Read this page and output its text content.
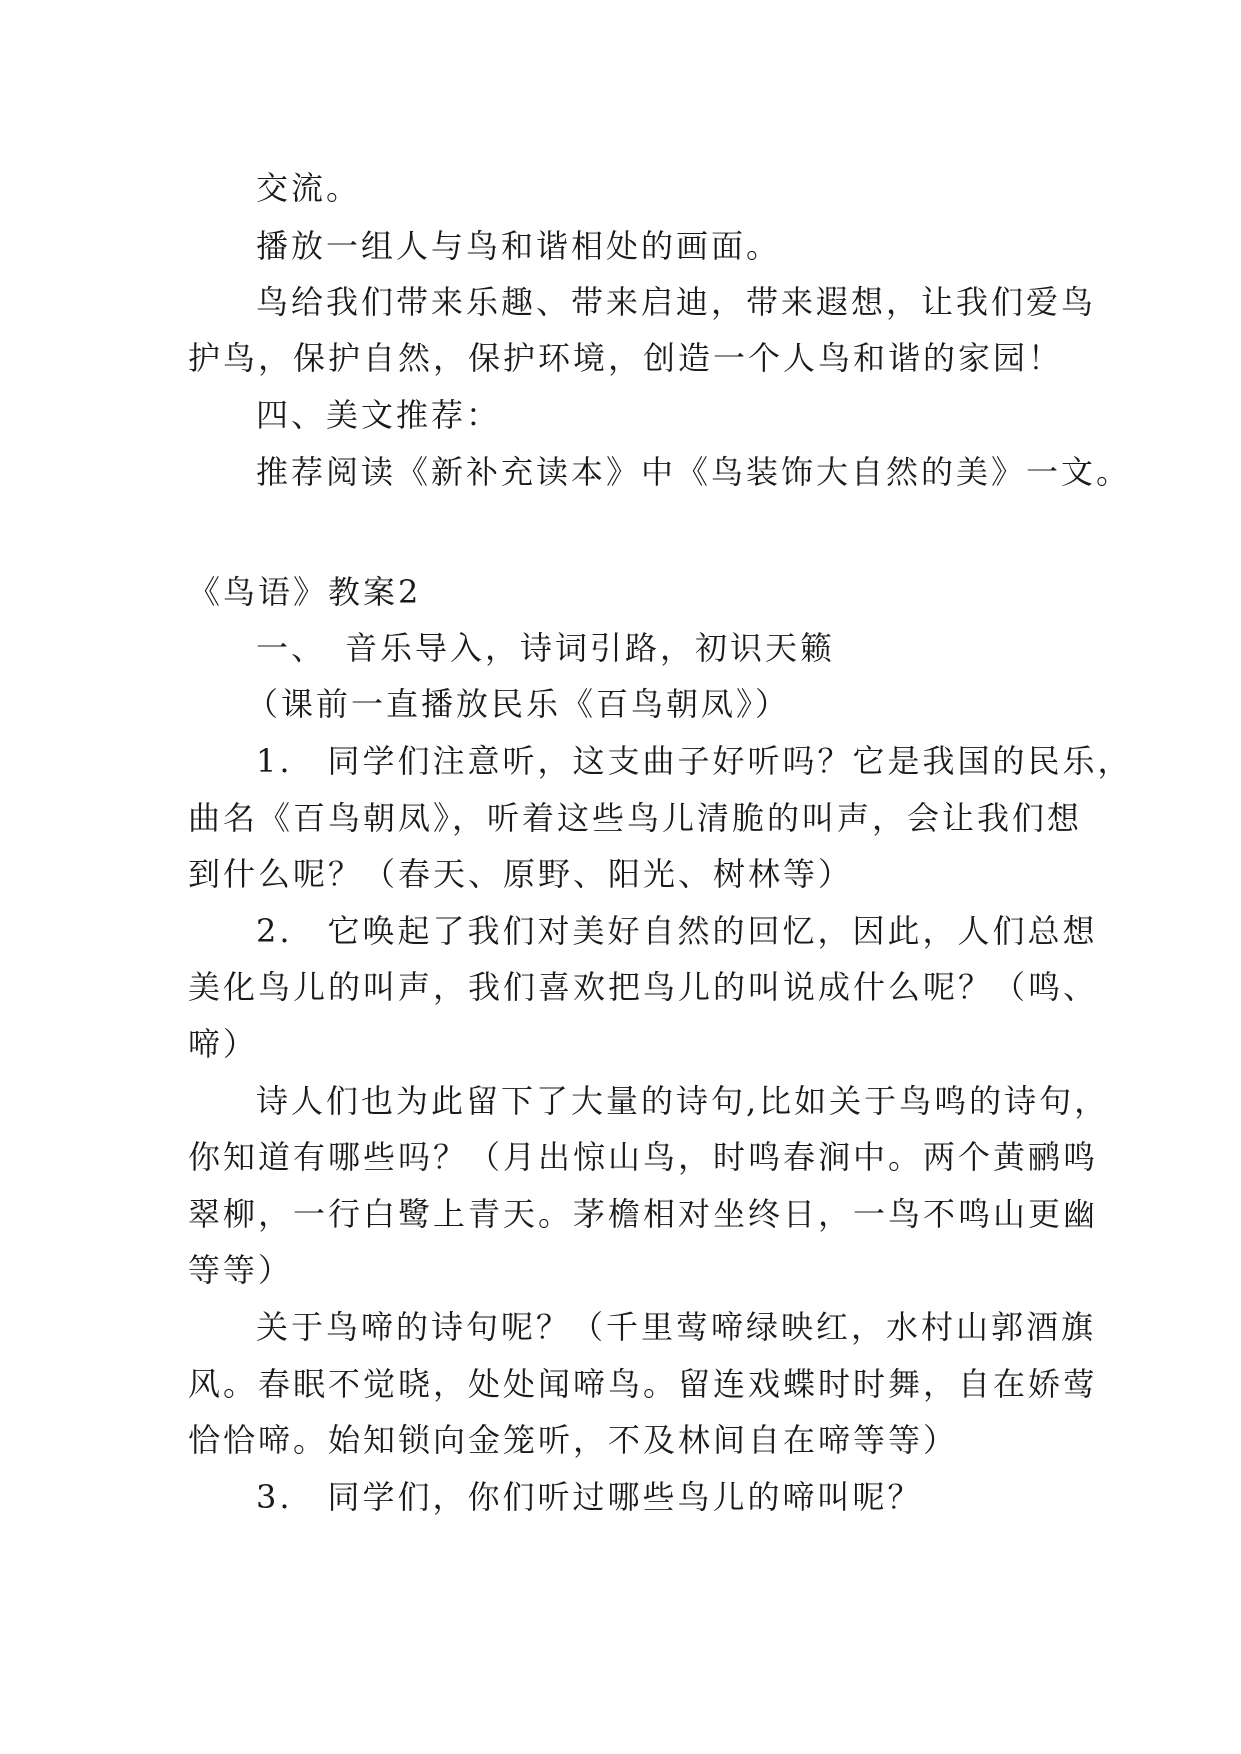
交流。
播放一组人与鸟和谐相处的画面。
鸟给我们带来乐趣、带来启迪，带来遐想，让我们爱鸟
护鸟，保护自然，保护环境，创造一个人鸟和谐的家园！
四、美文推荐：
推荐阅读《新补充读本》中《鸟装饰大自然的美》一文。
《鸟语》教案2
一、　音乐导入，诗词引路，初识天籁
（课前一直播放民乐《百鸟朝凤》）
1.　同学们注意听，这支曲子好听吗？它是我国的民乐，
曲名《百鸟朝凤》，听着这些鸟儿清脆的叫声，会让我们想
到什么呢？（春天、原野、阳光、树林等）
2.　它唤起了我们对美好自然的回忆，因此，人们总想
美化鸟儿的叫声，我们喜欢把鸟儿的叫说成什么呢？（鸣、
啼）
诗人们也为此留下了大量的诗句,比如关于鸟鸣的诗句，
你知道有哪些吗？（月出惊山鸟，时鸣春涧中。两个黄鹂鸣
翠柳，一行白鹭上青天。茅檐相对坐终日，一鸟不鸣山更幽
等等）
关于鸟啼的诗句呢？（千里莺啼绿映红，水村山郭酒旗
风。春眠不觉晓，处处闻啼鸟。留连戏蝶时时舞，自在娇莺
恰恰啼。始知锁向金笼听，不及林间自在啼等等）
3.　同学们，你们听过哪些鸟儿的啼叫呢？
